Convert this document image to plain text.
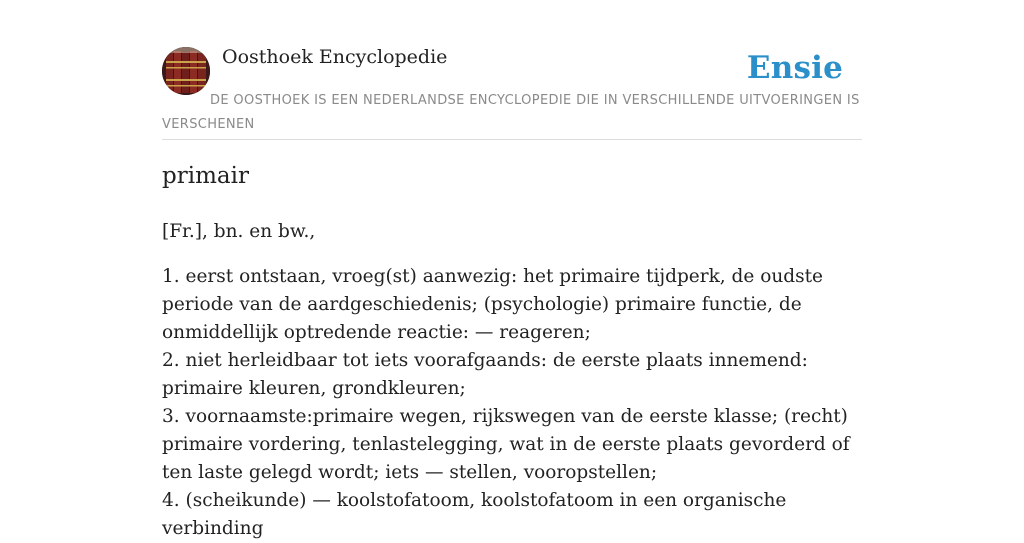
Oosthoek Encyclopedie	Ensie

DE OOSTHOEK IS EEN NEDERLANDSE ENCYCLOPEDIE DIE IN VERSCHILLENDE UITVOERINGEN IS VERSCHENEN

primair

[Fr.], bn. en bw.,

1. eerst ontstaan, vroeg(st) aanwezig: het primaire tijdperk, de oudste periode van de aardgeschiedenis; (psychologie) primaire functie, de onmiddellijk optredende reactie: — reageren;
2. niet herleidbaar tot iets voorafgaands: de eerste plaats innemend: primaire kleuren, grondkleuren;
3. voornaamste:primaire wegen, rijkswegen van de eerste klasse; (recht) primaire vordering, tenlastelegging, wat in de eerste plaats gevorderd of ten laste gelegd wordt; iets — stellen, vooropstellen;
4. (scheikunde) — koolstofatoom, koolstofatoom in een organische verbinding
